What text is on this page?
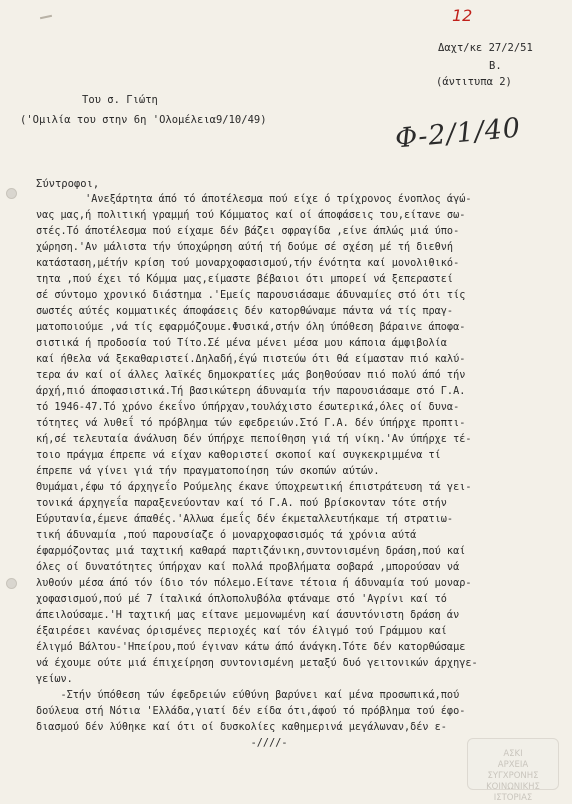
12
Δαχτ/κε 27/2/51
Β.
(άντιτυπα 2)
Του σ. Γιώτη
('Ομιλία του στην 6η 'Ολομέλεια9/10/49)	Φ-2/1/40
Σύντροφοι,
'Ανεξάρτητα άπό τό άποτέλεσμα πού είχε ό τρίχρονος ένοπλος άγώ-
νας μας,ή πολιτική γραμμή τού Κόμματος καί οί άποφάσεις του,είτανε σω-
στές.Τό άποτέλεσμα πού είχαμε δέν βάζει σφραγίδα ,είνε άπλώς μιά ύπο-
χώρηση.'Αν μάλιστα τήν ύποχώρηση αύτή τή δούμε σέ σχέση μέ τή διεθνή
κατάσταση,μέτήν κρίση τού μοναρχοφασισμού,τήν ένότητα καί μονολιθικό-
τητα ,πού έχει τό Κόμμα μας,είμαστε βέβαιοι ότι μπορεί νά ξεπεραστεί
σέ σύντομο χρονικό διάστημα .'Εμείς παρουσιάσαμε άδυναμίες στό ότι τίς
σωστές αύτές κομματικές άποφάσεις δέν κατορθώναμε πάντα νά τίς πραγ-
ματοποιούμε ,νά τίς εφαρμόζουμε.Φυσικά,στήν όλη ύπόθεση βάραινε άποφα-
σιστικά ή προδοσία τού Τίτο.Σέ μένα μένει μέσα μου κάποια άμφιβολία
καί ήθελα νά ξεκαθαριστεί.Δηλαδή,έγώ πιστεύω ότι θά είμασταν πιό καλύ-
τερα άν καί οί άλλες λαϊκές δημοκρατίες μάς βοηθούσαν πιό πολύ άπό τήν
άρχή,πιό άποφασιστικά.Τή βασικώτερη άδυναμία τήν παρουσιάσαμε στό Γ.Α.
τό 1946-47.Τό χρόνο έκεΐνο ύπήρχαν,τουλάχιστο έσωτερικά,όλες οί δυνα-
τότητες νά λυθεΐ τό πρόβλημα τών εφεδρειών.Στό Γ.Α. δέν ύπήρχε προπτι-
κή,σέ τελευταία άνάλυση δέν ύπήρχε πεποίθηση γιά τή νίκη.'Αν ύπήρχε τέ-
τοιο πράγμα έπρεπε νά είχαν καθοριστεί σκοποί καί συγκεκριμμένα τί
έπρεπε νά γίνει γιά τήν πραγματοποίηση τών σκοπών αύτών.
Θυμάμαι,έφω τό άρχηγεΐο Ρούμελης έκανε ύποχρεωτική έπιστράτευση τά γει-
τονικά άρχηγεΐα παραξενεύονταν καί τό Γ.Α. πού βρίσκονταν τότε στήν
Εύρυτανία,έμενε άπαθές.'Αλλωα έμεΐς δέν έκμεταλλευτήκαμε τή στρατιω-
τική άδυναμία ,πού παρουσίαζε ό μοναρχοφασισμός τά χρόνια αύτά
έφαρμόζοντας μιά ταχτική καθαρά παρτιζάνικη,συντονισμένη δράση,πού καί
όλες οί δυνατότητες ύπήρχαν καί πολλά προβλήματα σοβαρά ,μπορούσαν νά
λυθούν μέσα άπό τόν ίδιο τόν πόλεμο.Είτανε τέτοια ή άδυναμία τού μοναρ-
χοφασισμού,πού μέ 7 ίταλικά όπλοπολυβόλα φτάναμε στό 'Αγρίνι καί τό
άπειλούσαμε.'Η ταχτική μας είτανε μεμονωμένη καί άσυντόνιστη δράση άν
έξαιρέσει κανένας όρισμένες περιοχές καί τόν έλιγμό τού Γράμμου καί
έλιγμό Βάλτου-'Ηπείρου,πού έγιναν κάτω άπό άνάγκη.Τότε δέν κατορθώσαμε
νά έχουμε ούτε μιά έπιχείρηση συντονισμένη μεταξύ δυό γειτονικών άρχηγε-
γείων.
-Στήν ύπόθεση τών έφεδρειών εύθύνη βαρύνει καί μένα προσωπικά,πού
δούλευα στή Νότια 'Ελλάδα,γιατί δέν είδα ότι,άφού τό πρόβλημα τού έφο-
διασμού δέν λύθηκε καί ότι οί δυσκολίες καθημερινά μεγάλωναν,δέν ε-
-////-
ΑΣΚΙ
ΑΡΧΕΙΑ
ΣΥΓΧΡΟΝΗΣ
ΚΟΙΝΩΝΙΚΗΣ
ΙΣΤΟΡΙΑΣ
